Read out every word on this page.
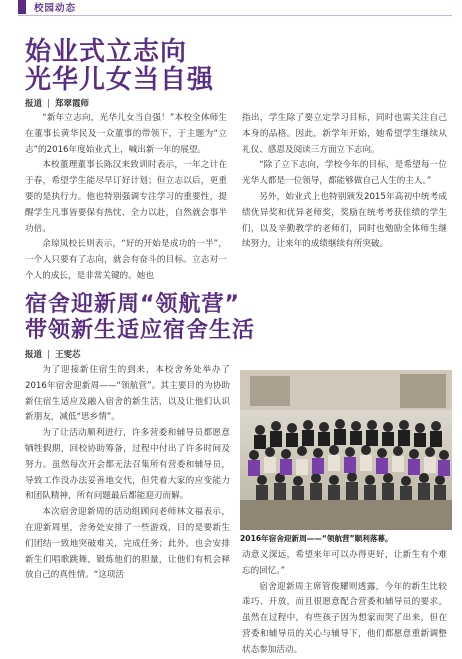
校园动态
始业式立志向
光华儿女当自强
报道 郑翠霞师

“新年立志向，光华儿女当自强！”本校全体师生在董事长黄华民及一众董事的带领下，于主题为“立志”的2016年度始业式上，喊出新一年的展望。

本校董理董事长陈汉来致训时表示，一年之计在于春，希望学生能尽早订好计划；但立志以后，更重要的是执行力。他也特别强调专注学习的重要性，提醒学生凡事皆要保有热忱、全力以赴，自然就会事半功倍。

余琼凤校长则表示，“好的开始是成功的一半”，一个人只要有了志向，就会有奋斗的目标。立志对一个人的成长，是非常关键的。她也

指出，学生除了要立定学习目标，同时也需关注自己本身的品格。因此，新学年开始，她希望学生继续从礼仪、感恩及阅读三方面立下志向。

“除了立下志向，学校今年的目标，是希望每一位光华人都是一位领导，都能够做自己人生的主人。”

另外，始业式上也特别颁发2015年高初中统考成绩优异奖和优异老师奖，奖励在统考考获佳绩的学生们，以及辛勤教学的老师们，同时也勉励全体师生继续努力，让来年的成绩继续有所突破。

宿舍迎新周“领航营”
带领新生适应宿舍生活
报道 王雯芯

为了迎接新住宿生的到来，本校舍务处举办了2016年宿舍迎新周——“领航营”。其主要目的为协助新住宿生适应及融入宿舍的新生活，以及让他们认识新朋友，减低“思乡情”。

为了让活动顺利进行，许多营委和辅导员都愿意牺牲假期，回校协助筹备，过程中付出了许多时间及努力。虽然每次开会都无法召集所有营委和辅导员，导致工作没办法妥善地交代，但凭着大家的应变能力和团队精神，所有问题最后都能迎刃而解。

本次宿舍迎新周的活动组顾问老师林文福表示，在迎新周里，舍务处安排了一些游戏，目的是要新生们团结一致地突破难关，完成任务；此外，也会安排新生们唱歌跳舞，锻炼他们的胆量，让他们有机会释放自己的真性情。“这项活

2016年宿舍迎新周——“领航营”顺利落幕。

动意义深远，希望来年可以办得更好，让新生有个难忘的回忆。”

宿舍迎新周主席管俊耀则透露，今年的新生比较乖巧、开放，而且很愿意配合营委和辅导员的要求。虽然在过程中，有些孩子因为想家而哭了出来，但在营委和辅导员的关心与辅导下，他们都愿意重新调整状态参加活动。
